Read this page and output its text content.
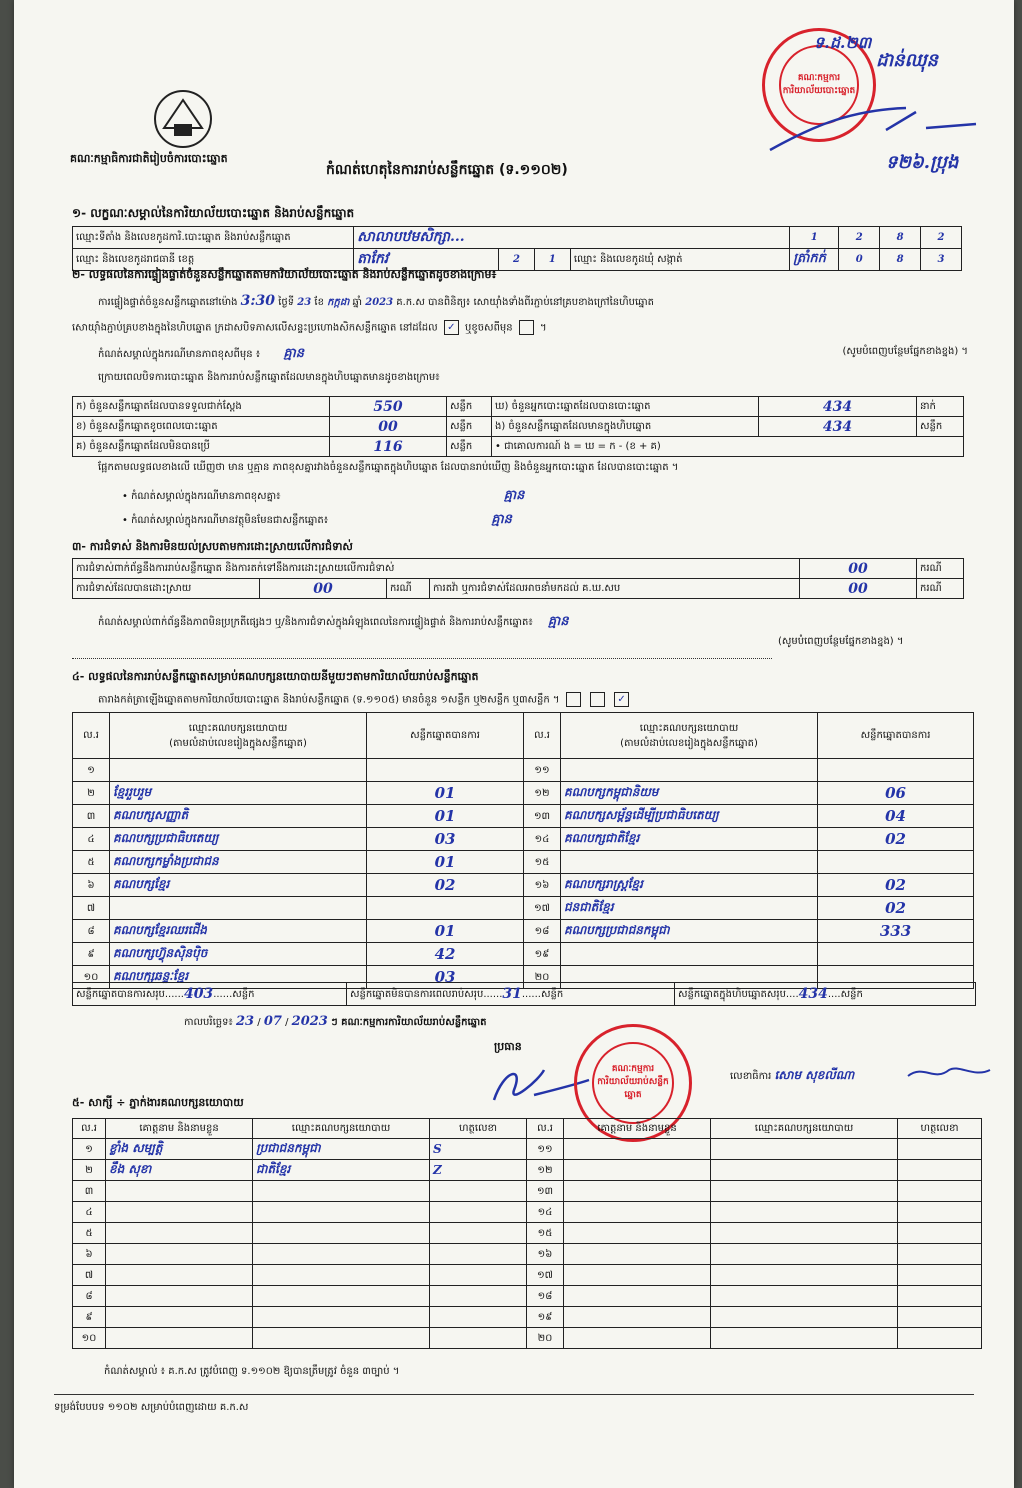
គណៈកម្មាធិការជាតិរៀបចំការបោះឆ្នោត
កំណត់ហេតុនៃការរាប់សន្លឹកឆ្នោត (ទ.១១០២)
គណៈកម្មការការិយាល័យបោះឆ្នោត
ទ.ដ.២៣
ដាន់ឈុន
ទ២៦.ប្រុង
១- លក្ខណៈសម្គាល់នៃការិយាល័យបោះឆ្នោត និងរាប់សន្លឹកឆ្នោត
ឈ្មោះទីតាំង និងលេខកូដការិ.បោះឆ្នោត និងរាប់សន្លឹកឆ្នោត	សាលាបឋមសិក្សា...				1	2	8	2
ឈ្មោះ និងលេខកូដរាជធានី ខេត្ត	តាកែវ	2	1	ឈ្មោះ និងលេខកូដឃុំ សង្កាត់	ត្រាំកក់	0	8	3
២- លទ្ធផលនៃការផ្ទៀងផ្ទាត់ចំនួនសន្លឹកឆ្នោតតាមការិយាល័យបោះឆ្នោត និងរាប់សន្លឹកឆ្នោតដូចខាងក្រោម៖
ការផ្ទៀងផ្ទាត់ចំនួនសន្លឹកឆ្នោតនៅម៉ោង 3:30 ថ្ងៃទី 23 ខែ កក្កដា ឆ្នាំ 2023 គ.ក.ស បានពិនិត្យ៖ សោយ៉ាំងទាំងពីរភ្ជាប់នៅគ្របខាងក្រៅនៃហិបឆ្នោត
សោយ៉ាំងភ្ជាប់គ្របខាងក្នុងនៃហិបឆ្នោត ក្រដាសបិទភាសលើសន្ទះប្រហោងសិកសន្លឹកឆ្នោត នៅដដែល ✓ ឬខូចសពីមុន  ។
កំណត់សម្គាល់ក្នុងករណីមានភាពខុសពីមុន ៖ គ្មាន	(សូមបំពេញបន្ថែមផ្នែកខាងខ្នង) ។
ក្រោយពេលបិទការបោះឆ្នោត និងការរាប់សន្លឹកឆ្នោតដែលមានក្នុងហិបឆ្នោតមានដូចខាងក្រោម៖
ក) ចំនួនសន្លឹកឆ្នោតដែលបានទទួលជាក់ស្តែង	550	សន្លឹក	ឃ) ចំនួនអ្នកបោះឆ្នោតដែលបានបោះឆ្នោត	434	នាក់
ខ) ចំនួនសន្លឹកឆ្នោតខូចពេលបោះឆ្នោត	00	សន្លឹក	ង) ចំនួនសន្លឹកឆ្នោតដែលមានក្នុងហិបឆ្នោត	434	សន្លឹក
គ) ចំនួនសន្លឹកឆ្នោតដែលមិនបានប្រើ	116	សន្លឹក	• ជាគោលការណ៍ ង = ឃ = ក - (ខ + គ)		
ផ្អែកតាមលទ្ធផលខាងលើ ឃើញថា មាន ឬគ្មាន ភាពខុសគ្នារវាងចំនួនសន្លឹកឆ្នោតក្នុងហិបឆ្នោត ដែលបានរាប់ឃើញ និងចំនួនអ្នកបោះឆ្នោត ដែលបានបោះឆ្នោត ។
• កំណត់សម្គាល់ក្នុងករណីមានភាពខុសគ្នា៖	គ្មាន
• កំណត់សម្គាល់ក្នុងករណីមានវត្ថុមិនមែនជាសន្លឹកឆ្នោត៖	គ្មាន
៣- ការជំទាស់ និងការមិនយល់ស្របតាមការដោះស្រាយលើការជំទាស់
ការជំទាស់ពាក់ព័ន្ធនឹងការរាប់សន្លឹកឆ្នោត និងការតក់ទៅនឹងការដោះស្រាយលើការជំទាស់				00	ករណី
ការជំទាស់ដែលបានដោះស្រាយ	00	ករណី	ការតវ៉ា ឬការជំទាស់ដែលអាចនាំមកដល់ គ.ឃ.សប	00	ករណី
កំណត់សម្គាល់ពាក់ព័ន្ធនឹងភាពមិនប្រក្រតីផ្សេងៗ ឬ/និងការជំទាស់ក្នុងអំឡុងពេលនៃការផ្ទៀងផ្ទាត់ និងការរាប់សន្លឹកឆ្នោត៖ គ្មាន
(សូមបំពេញបន្ថែមផ្នែកខាងខ្នង) ។
៤- លទ្ធផលនៃការរាប់សន្លឹកឆ្នោតសម្រាប់គណបក្សនយោបាយនីមួយៗតាមការិយាល័យរាប់សន្លឹកឆ្នោត
តារាងកត់ត្រាឡើងឆ្នោតតាមការិយាល័យបោះឆ្នោត និងរាប់សន្លឹកឆ្នោត (ទ.១១០៥) មានចំនួន ១សន្លឹក ឬ២សន្លឹក ឬ៣សន្លឹក ។	✓
ល.រ	ឈ្មោះគណបក្សនយោបាយ
(តាមលំដាប់លេខរៀងក្នុងសន្លឹកឆ្នោត)	សន្លឹកឆ្នោតបានការ	ល.រ	ឈ្មោះគណបក្សនយោបាយ
(តាមលំដាប់លេខរៀងក្នុងសន្លឹកឆ្នោត)	សន្លឹកឆ្នោតបានការ
១			១១		
២	ខ្មែររួបរួម	01	១២	គណបក្សកម្ពុជានិយម	06
៣	គណបក្សសញ្ញាតិ	01	១៣	គណបក្សសម្ព័ន្ធដើម្បីប្រជាធិបតេយ្យ	04
៤	គណបក្សប្រជាធិបតេយ្យ	03	១៤	គណបក្សជាតិខ្មែរ	02
៥	គណបក្សកម្លាំងប្រជាជន	01	១៥		
៦	គណបក្សខ្មែរ	02	១៦	គណបក្សរាស្ត្រខ្មែរ	02
៧			១៧	ជនជាតិខ្មែរ	02
៨	គណបក្សខ្មែរឈរជើង	01	១៨	គណបក្សប្រជាជនកម្ពុជា	333
៩	គណបក្សហ៊្វុនស៊ិនប៉ិច	42	១៩		
១០	គណបក្សឆន្ទៈខ្មែរ	03	២០		
សន្លឹកឆ្នោតបានការសរុប ...... 403 ...... សន្លឹក	សន្លឹកឆ្នោតមិនបានការពេលរាប់សរុប ...... 31 ...... សន្លឹក	សន្លឹកឆ្នោតក្នុងហិបឆ្នោតសរុប .... 434 .... សន្លឹក
កាលបរិច្ឆេទ៖ 23 / 07 / 2023 ៗ គណៈកម្មការការិយាល័យរាប់សន្លឹកឆ្នោត
ប្រធាន
គណៈកម្មការការិយាល័យរាប់សន្លឹកឆ្នោត
លេខាធិការ សោម សុខលីណា
៥- សាក្សី ÷ ភ្នាក់ងារគណបក្សនយោបាយ
ល.រ	គោត្តនាម និងនាមខ្លួន	ឈ្មោះគណបក្សនយោបាយ	ហត្ថលេខា	ល.រ	គោត្តនាម និងនាមខ្លួន	ឈ្មោះគណបក្សនយោបាយ	ហត្ថលេខា
១	ខ្លាំង សម្បត្តិ	ប្រជាជនកម្ពុជា	S	១១			
២	ខឹង សុខា	ជាតិខ្មែរ	Z	១២			
៣				១៣			
៤				១៤			
៥				១៥			
៦				១៦			
៧				១៧			
៨				១៨			
៩				១៩			
១០				២០			
កំណត់សម្គាល់ ៖ គ.ក.ស ត្រូវបំពេញ ទ.១១០២ ឱ្យបានត្រឹមត្រូវ ចំនួន ៣ច្បាប់ ។
ទម្រង់បែបបទ ១១០២ សម្រាប់បំពេញដោយ គ.ក.ស
